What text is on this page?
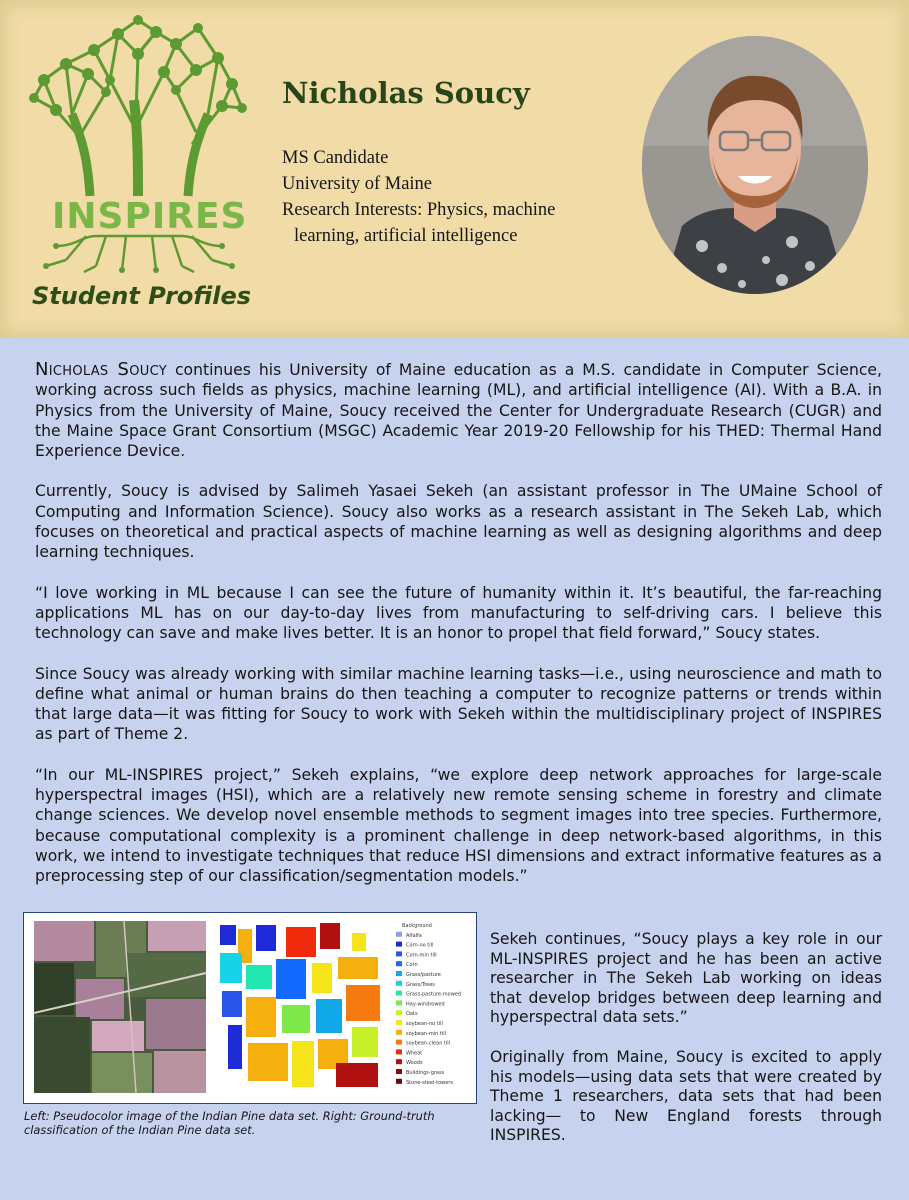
INSPIRES
Student Profiles
Nicholas Soucy
MS Candidate
University of Maine
Research Interests: Physics, machine
learning, artificial intelligence

Nicholas Soucy continues his University of Maine education as a M.S. candidate in Computer Science, working across such fields as physics, machine learning (ML), and artificial intelligence (AI). With a B.A. in Physics from the University of Maine, Soucy received the Center for Undergraduate Research (CUGR) and the Maine Space Grant Consortium (MSGC) Academic Year 2019-20 Fellowship for his THED: Thermal Hand Experience Device.

Currently, Soucy is advised by Salimeh Yasaei Sekeh (an assistant professor in The UMaine School of Computing and Information Science). Soucy also works as a research assistant in The Sekeh Lab, which focuses on theoretical and practical aspects of machine learning as well as designing algorithms and deep learning techniques.

“I love working in ML because I can see the future of humanity within it. It’s beautiful, the far-reaching applications ML has on our day-to-day lives from manufacturing to self-driving cars. I believe this technology can save and make lives better. It is an honor to propel that field forward,” Soucy states.

Since Soucy was already working with similar machine learning tasks—i.e., using neuroscience and math to define what animal or human brains do then teaching a computer to recognize patterns or trends within that large data—it was fitting for Soucy to work with Sekeh within the multidisciplinary project of INSPIRES as part of Theme 2.

“In our ML-INSPIRES project,” Sekeh explains, “we explore deep network approaches for large-scale hyperspectral images (HSI), which are a relatively new remote sensing scheme in forestry and climate change sciences. We develop novel ensemble methods to segment images into tree species. Furthermore, because computational complexity is a prominent challenge in deep network-based algorithms, in this work, we intend to investigate techniques that reduce HSI dimensions and extract informative features as a preprocessing step of our classification/segmentation models.”

Background
Alfalfa
Corn-no till
Corn-min till
Corn
Grass/pasture
Grass/Trees
Grass-pasture-mowed
Hay-windrowed
Oats
soybean-no till
soybean-min till
soybean-clean till
Wheat
Woods
Buildings-grass
Stone-steel-towers
Left: Pseudocolor image of the Indian Pine data set. Right: Ground-truth classification of the Indian Pine data set.

Sekeh continues, “Soucy plays a key role in our ML-INSPIRES project and he has been an active researcher in The Sekeh Lab working on ideas that develop bridges between deep learning and hyperspectral data sets.”

Originally from Maine, Soucy is excited to apply his models—using data sets that were created by Theme 1 researchers, data sets that had been lacking— to New England forests through INSPIRES.
